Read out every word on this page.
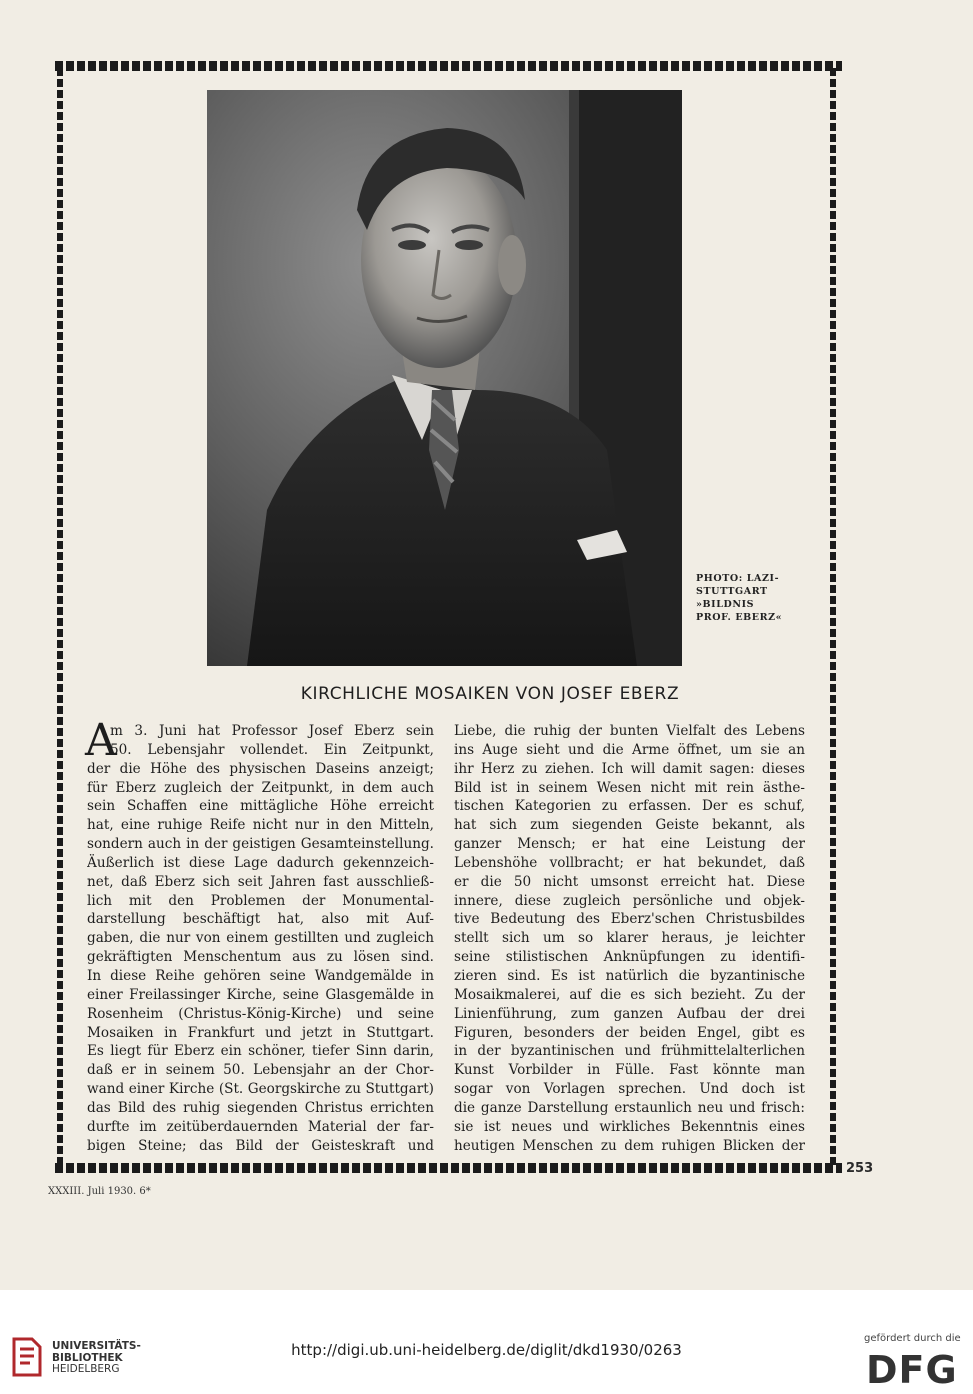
PHOTO: LAZI-
STUTTGART
»BILDNIS
PROF. EBERZ«
KIRCHLICHE MOSAIKEN VON JOSEF EBERZ
A
m 3. Juni hat Professor Josef Eberz sein
50. Lebensjahr vollendet. Ein Zeitpunkt,
der die Höhe des physischen Daseins anzeigt;
für Eberz zugleich der Zeitpunkt, in dem auch
sein Schaffen eine mittägliche Höhe erreicht
hat, eine ruhige Reife nicht nur in den Mitteln,
sondern auch in der geistigen Gesamteinstellung.
Äußerlich ist diese Lage dadurch gekennzeich-
net, daß Eberz sich seit Jahren fast ausschließ-
lich mit den Problemen der Monumental-
darstellung beschäftigt hat, also mit Auf-
gaben, die nur von einem gestillten und zugleich
gekräftigten Menschentum aus zu lösen sind.
In diese Reihe gehören seine Wandgemälde in
einer Freilassinger Kirche, seine Glasgemälde in
Rosenheim (Christus-König-Kirche) und seine
Mosaiken in Frankfurt und jetzt in Stuttgart.
Es liegt für Eberz ein schöner, tiefer Sinn darin,
daß er in seinem 50. Lebensjahr an der Chor-
wand einer Kirche (St. Georgskirche zu Stuttgart)
das Bild des ruhig siegenden Christus errichten
durfte im zeitüberdauernden Material der far-
bigen Steine; das Bild der Geisteskraft und
Liebe, die ruhig der bunten Vielfalt des Lebens
ins Auge sieht und die Arme öffnet, um sie an
ihr Herz zu ziehen. Ich will damit sagen: dieses
Bild ist in seinem Wesen nicht mit rein ästhe-
tischen Kategorien zu erfassen. Der es schuf,
hat sich zum siegenden Geiste bekannt, als
ganzer Mensch; er hat eine Leistung der
Lebenshöhe vollbracht; er hat bekundet, daß
er die 50 nicht umsonst erreicht hat. Diese
innere, diese zugleich persönliche und objek-
tive Bedeutung des Eberz'schen Christusbildes
stellt sich um so klarer heraus, je leichter
seine stilistischen Anknüpfungen zu identifi-
zieren sind. Es ist natürlich die byzantinische
Mosaikmalerei, auf die es sich bezieht. Zu der
Linienführung, zum ganzen Aufbau der drei
Figuren, besonders der beiden Engel, gibt es
in der byzantinischen und frühmittelalterlichen
Kunst Vorbilder in Fülle. Fast könnte man
sogar von Vorlagen sprechen. Und doch ist
die ganze Darstellung erstaunlich neu und frisch:
sie ist neues und wirkliches Bekenntnis eines
heutigen Menschen zu dem ruhigen Blicken der
253
XXXIII. Juli 1930. 6*
UNIVERSITÄTS-
BIBLIOTHEK
HEIDELBERG
http://digi.ub.uni-heidelberg.de/diglit/dkd1930/0263
gefördert durch die
DFG
